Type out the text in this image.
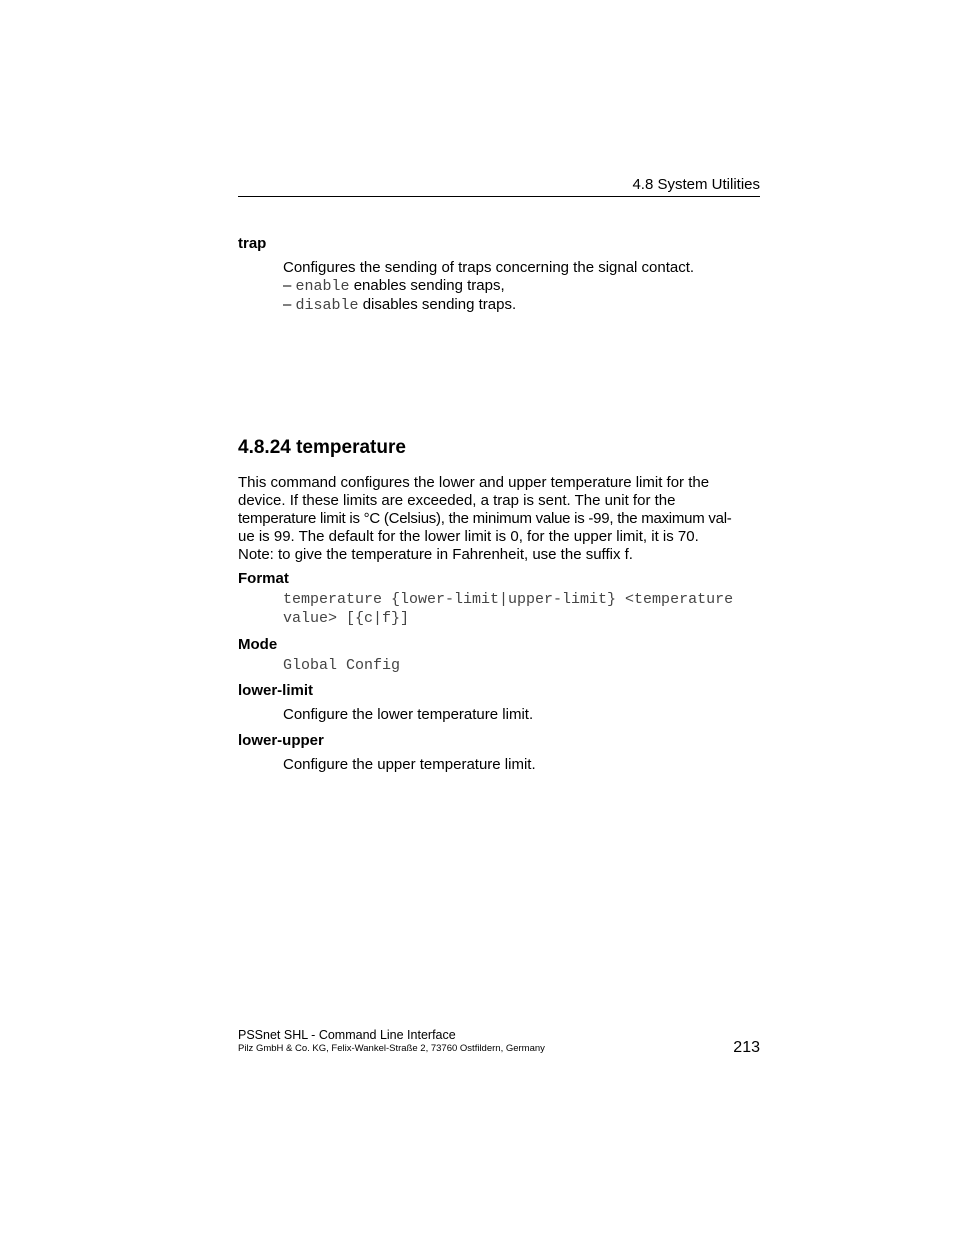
4.8 System Utilities
trap
Configures the sending of traps concerning the signal contact.
– enable enables sending traps,
– disable disables sending traps.
4.8.24 temperature
This command configures the lower and upper temperature limit for the
device. If these limits are exceeded, a trap is sent. The unit for the
temperature limit is °C (Celsius), the minimum value is -99, the maximum val-
ue is 99. The default for the lower limit is 0, for the upper limit, it is 70.
Note: to give the temperature in Fahrenheit, use the suffix f.
Format
temperature {lower-limit|upper-limit} <temperature
value> [{c|f}]
Mode
Global Config
lower-limit
Configure the lower temperature limit.
lower-upper
Configure the upper temperature limit.
PSSnet SHL - Command Line Interface
Pilz GmbH & Co. KG, Felix-Wankel-Straße 2, 73760 Ostfildern, Germany	213
